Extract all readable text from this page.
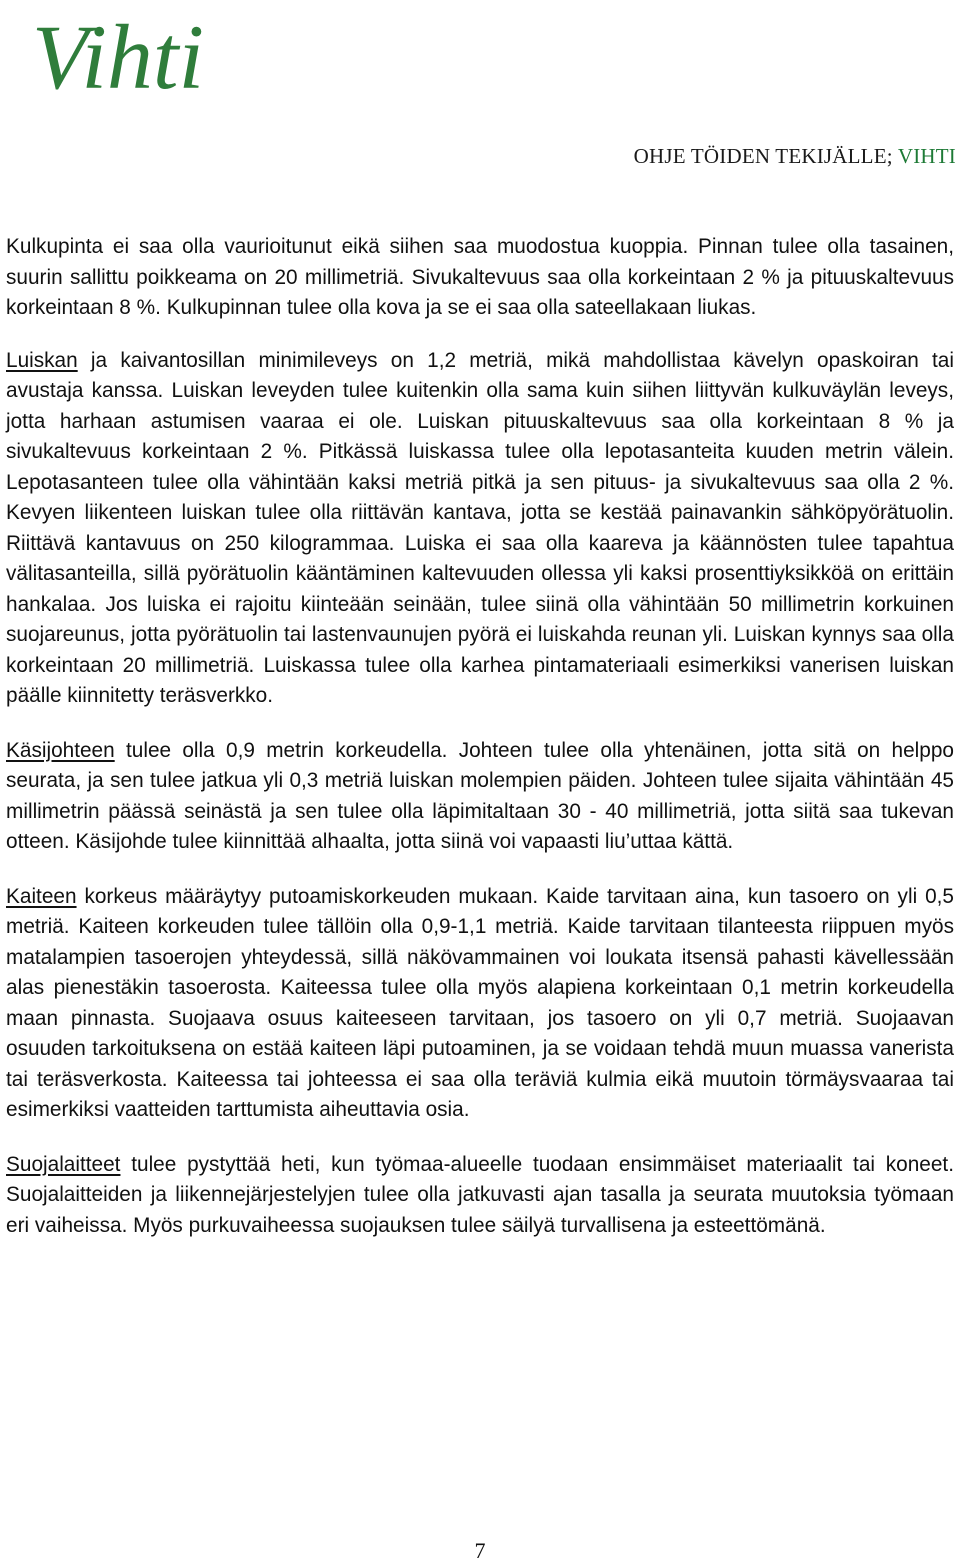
Vihti
OHJE TÖIDEN TEKIJÄLLE; VIHTI

Kulkupinta ei saa olla vaurioitunut eikä siihen saa muodostua kuoppia. Pinnan tulee olla tasainen, suurin sallittu poikkeama on 20 millimetriä. Sivukaltevuus saa olla korkeintaan 2 % ja pituuskaltevuus korkeintaan 8 %. Kulkupinnan tulee olla kova ja se ei saa olla sateellakaan liukas.

Luiskan ja kaivantosillan minimileveys on 1,2 metriä, mikä mahdollistaa kävelyn opaskoiran tai avustaja kanssa. Luiskan leveyden tulee kuitenkin olla sama kuin siihen liittyvän kulkuväylän leveys, jotta harhaan astumisen vaaraa ei ole. Luiskan pituuskaltevuus saa olla korkeintaan 8 % ja sivukaltevuus korkeintaan 2 %. Pitkässä luiskassa tulee olla lepotasanteita kuuden metrin välein. Lepotasanteen tulee olla vähintään kaksi metriä pitkä ja sen pituus- ja sivukaltevuus saa olla 2 %. Kevyen liikenteen luiskan tulee olla riittävän kantava, jotta se kestää painavankin sähköpyörätuolin. Riittävä kantavuus on 250 kilogrammaa. Luiska ei saa olla kaareva ja käännösten tulee tapahtua välitasanteilla, sillä pyörätuolin kääntäminen kaltevuuden ollessa yli kaksi prosenttiyksikköä on erittäin hankalaa. Jos luiska ei rajoitu kiinteään seinään, tulee siinä olla vähintään 50 millimetrin korkuinen suojareunus, jotta pyörätuolin tai lastenvaunujen pyörä ei luiskahda reunan yli. Luiskan kynnys saa olla korkeintaan 20 millimetriä. Luiskassa tulee olla karhea pintamateriaali esimerkiksi vanerisen luiskan päälle kiinnitetty teräsverkko.

Käsijohteen tulee olla 0,9 metrin korkeudella. Johteen tulee olla yhtenäinen, jotta sitä on helppo seurata, ja sen tulee jatkua yli 0,3 metriä luiskan molempien päiden. Johteen tulee sijaita vähintään 45 millimetrin päässä seinästä ja sen tulee olla läpimitaltaan 30 - 40 millimetriä, jotta siitä saa tukevan otteen. Käsijohde tulee kiinnittää alhaalta, jotta siinä voi vapaasti liu’uttaa kättä.

Kaiteen korkeus määräytyy putoamiskorkeuden mukaan. Kaide tarvitaan aina, kun tasoero on yli 0,5 metriä. Kaiteen korkeuden tulee tällöin olla 0,9-1,1 metriä. Kaide tarvitaan tilanteesta riippuen myös matalampien tasoerojen yhteydessä, sillä näkövammainen voi loukata itsensä pahasti kävellessään alas pienestäkin tasoerosta. Kaiteessa tulee olla myös alapiena korkeintaan 0,1 metrin korkeudella maan pinnasta. Suojaava osuus kaiteeseen tarvitaan, jos tasoero on yli 0,7 metriä. Suojaavan osuuden tarkoituksena on estää kaiteen läpi putoaminen, ja se voidaan tehdä muun muassa vanerista tai teräsverkosta. Kaiteessa tai johteessa ei saa olla teräviä kulmia eikä muutoin törmäysvaaraa tai esimerkiksi vaatteiden tarttumista aiheuttavia osia.

Suojalaitteet tulee pystyttää heti, kun työmaa-alueelle tuodaan ensimmäiset materiaalit tai koneet. Suojalaitteiden ja liikennejärjestelyjen tulee olla jatkuvasti ajan tasalla ja seurata muutoksia työmaan eri vaiheissa. Myös purkuvaiheessa suojauksen tulee säilyä turvallisena ja esteettömänä.

7
